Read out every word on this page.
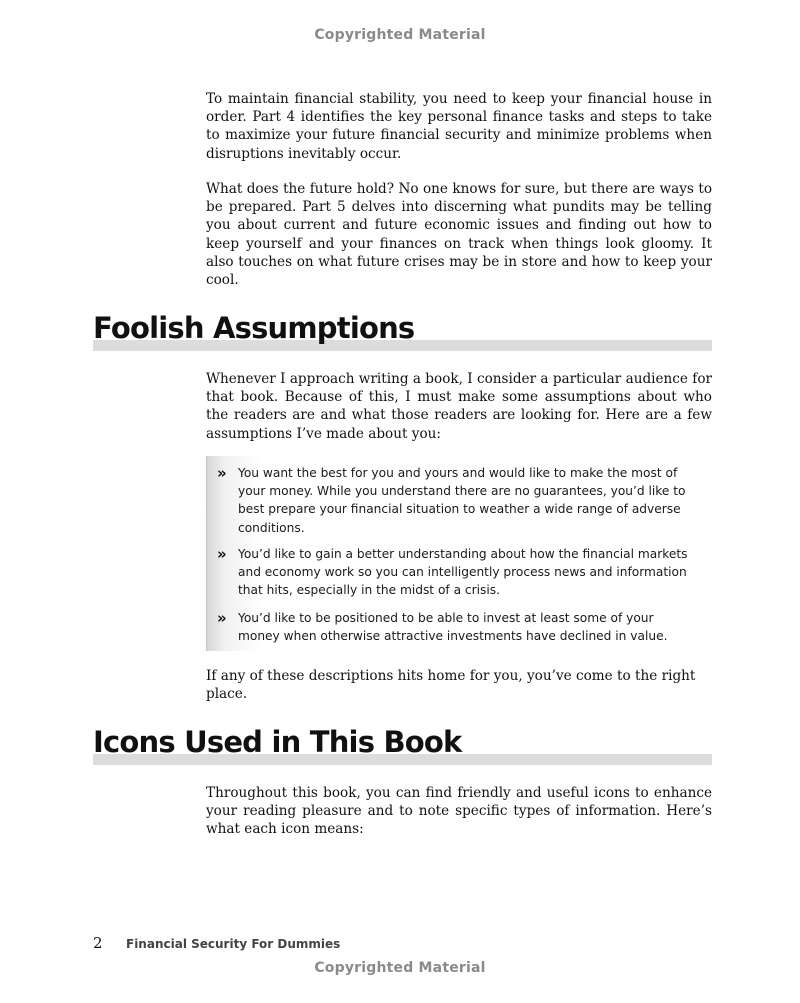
Copyrighted Material

To maintain financial stability, you need to keep your financial house in order. Part 4 identifies the key personal finance tasks and steps to take to maximize your future financial security and minimize problems when disruptions inevitably occur.

What does the future hold? No one knows for sure, but there are ways to be prepared. Part 5 delves into discerning what pundits may be telling you about current and future economic issues and finding out how to keep yourself and your finances on track when things look gloomy. It also touches on what future crises may be in store and how to keep your cool.

Foolish Assumptions

Whenever I approach writing a book, I consider a particular audience for that book. Because of this, I must make some assumptions about who the readers are and what those readers are looking for. Here are a few assumptions I’ve made about you:

» You want the best for you and yours and would like to make the most of your money. While you understand there are no guarantees, you’d like to best prepare your financial situation to weather a wide range of adverse conditions.
» You’d like to gain a better understanding about how the financial markets and economy work so you can intelligently process news and information that hits, especially in the midst of a crisis.
» You’d like to be positioned to be able to invest at least some of your money when otherwise attractive investments have declined in value.

If any of these descriptions hits home for you, you’ve come to the right place.

Icons Used in This Book

Throughout this book, you can find friendly and useful icons to enhance your reading pleasure and to note specific types of information. Here’s what each icon means:

2	Financial Security For Dummies
Copyrighted Material
